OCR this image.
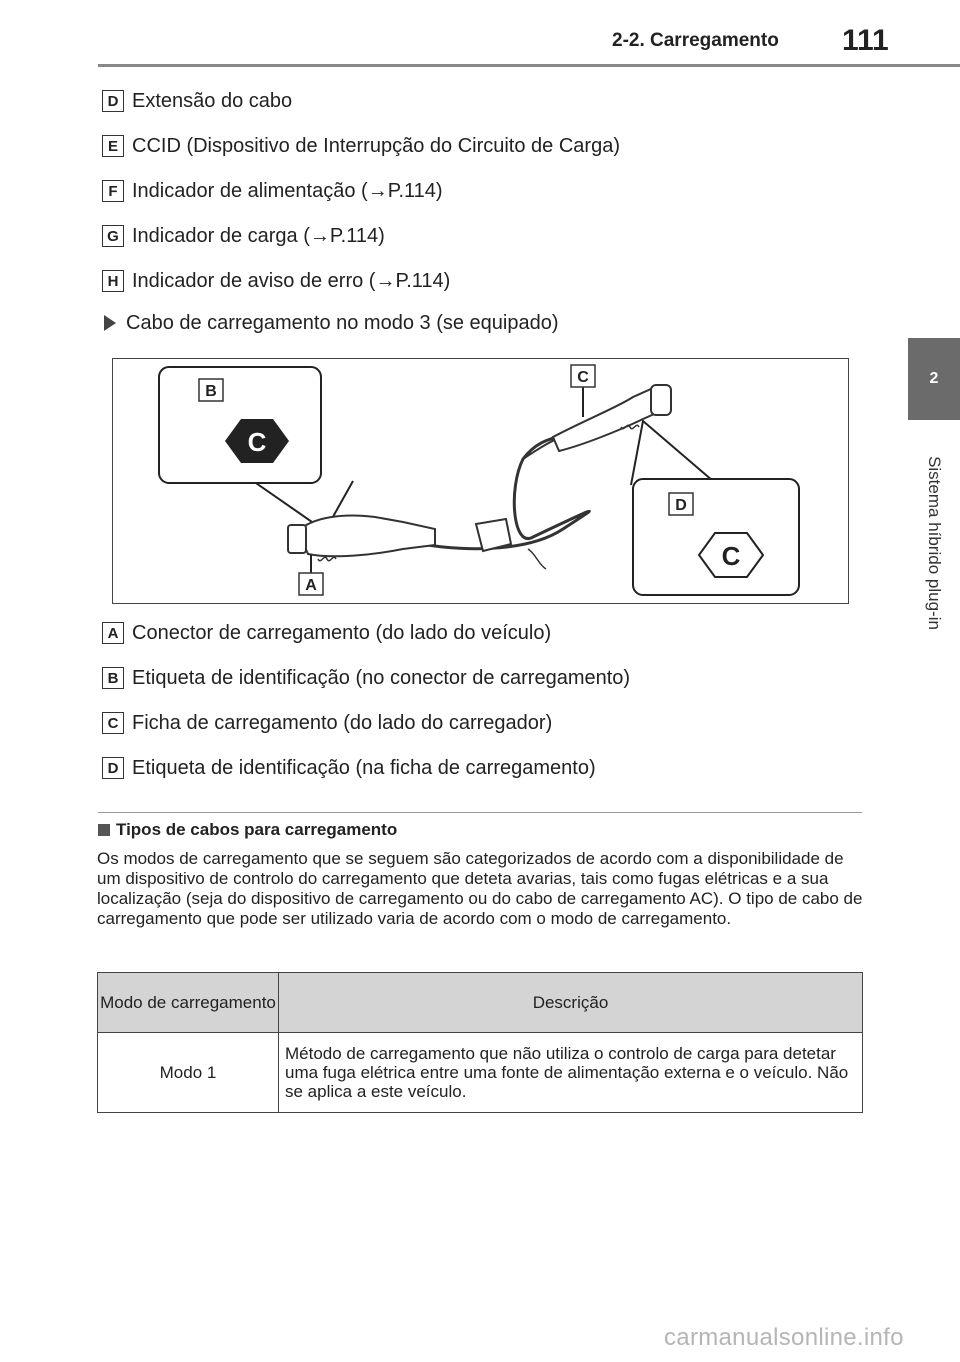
2-2. Carregamento 111
2
Sistema híbrido plug-in
D Extensão do cabo
E CCID (Dispositivo de Interrupção do Circuito de Carga)
F Indicador de alimentação (→P.114)
G Indicador de carga (→P.114)
H Indicador de aviso de erro (→P.114)
Cabo de carregamento no modo 3 (se equipado)
B
C
D
C
C
A
A Conector de carregamento (do lado do veículo)
B Etiqueta de identificação (no conector de carregamento)
C Ficha de carregamento (do lado do carregador)
D Etiqueta de identificação (na ficha de carregamento)
Tipos de cabos para carregamento

Os modos de carregamento que se seguem são categorizados de acordo com a disponibilidade de um dispositivo de controlo do carregamento que deteta avarias, tais como fugas elétricas e a sua localização (seja do dispositivo de carregamento ou do cabo de carregamento AC). O tipo de cabo de carregamento que pode ser utilizado varia de acordo com o modo de carregamento.

Modo de carregamento	Descrição
Modo 1	Método de carregamento que não utiliza o controlo de carga para detetar uma fuga elétrica entre uma fonte de alimentação externa e o veículo. Não se aplica a este veículo.
carmanualsonline.info
